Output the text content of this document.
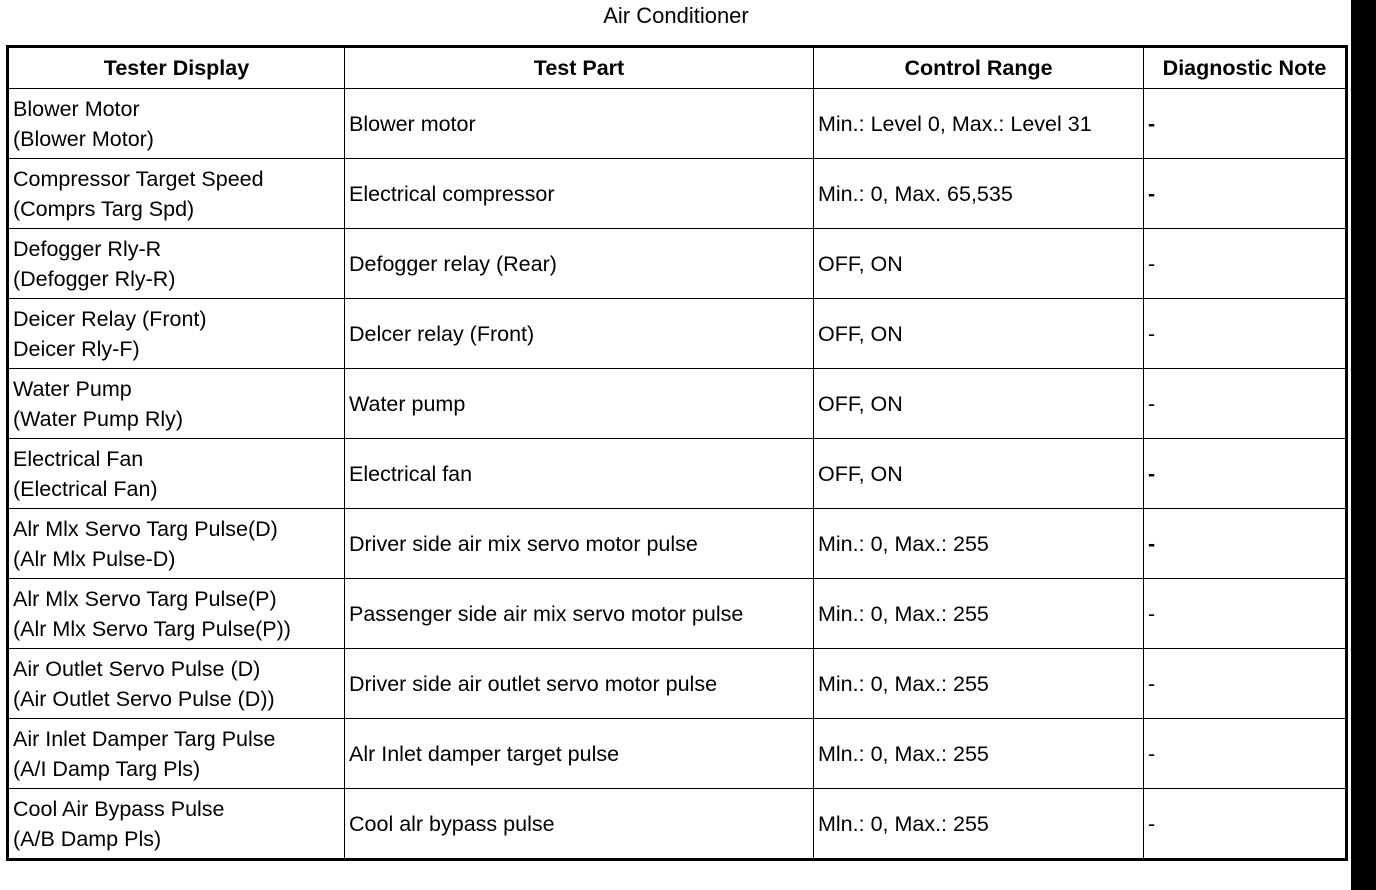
Air Conditioner
Tester Display	Test Part	Control Range	Diagnostic Note

Blower Motor
(Blower Motor)	Blower motor	Min.: Level 0, Max.: Level 31	-

Compressor Target Speed
(Comprs Targ Spd)	Electrical compressor	Min.: 0, Max. 65,535	-

Defogger Rly-R
(Defogger Rly-R)	Defogger relay (Rear)	OFF, ON	-

Deicer Relay (Front)
Deicer Rly-F)	Delcer relay (Front)	OFF, ON	-

Water Pump
(Water Pump Rly)	Water pump	OFF, ON	-

Electrical Fan
(Electrical Fan)	Electrical fan	OFF, ON	-

Alr Mlx Servo Targ Pulse(D)
(Alr Mlx Pulse-D)	Driver side air mix servo motor pulse	Min.: 0, Max.: 255	-

Alr Mlx Servo Targ Pulse(P)
(Alr Mlx Servo Targ Pulse(P))	Passenger side air mix servo motor pulse	Min.: 0, Max.: 255	-

Air Outlet Servo Pulse (D)
(Air Outlet Servo Pulse (D))	Driver side air outlet servo motor pulse	Min.: 0, Max.: 255	-

Air Inlet Damper Targ Pulse
(A/I Damp Targ Pls)	Alr Inlet damper target pulse	Mln.: 0, Max.: 255	-

Cool Air Bypass Pulse
(A/B Damp Pls)	Cool alr bypass pulse	Mln.: 0, Max.: 255	-
